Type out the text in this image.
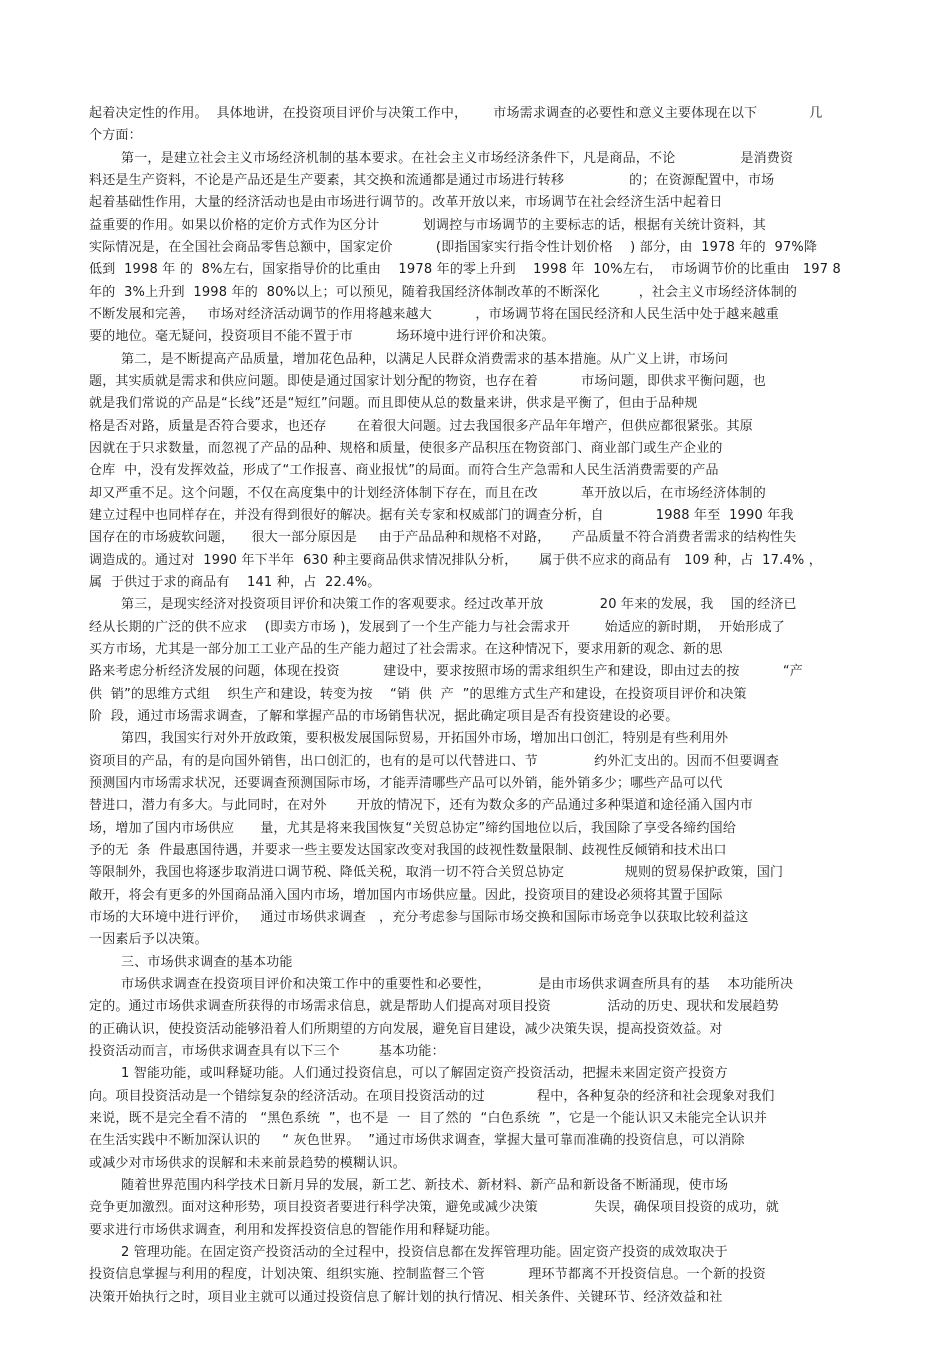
起着决定性的作用。  具体地讲，在投资项目评价与决策工作中，      市场需求调查的必要性和意义主要体现在以下            几
个方面：
第一，是建立社会主义市场经济机制的基本要求。在社会主义市场经济条件下，凡是商品，不论               是消费资
料还是生产资料，不论是产品还是生产要素，其交换和流通都是通过市场进行转移               的；在资源配置中，市场
起着基础性作用，大量的经济活动也是由市场进行调节的。改革开放以来，市场调节在社会经济生活中起着日
益重要的作用。如果以价格的定价方式作为区分计          划调控与市场调节的主要标志的话，根据有关统计资料，其
实际情况是，在全国社会商品零售总额中，国家定价          (即指国家实行指令性计划价格    ) 部分，由  1978 年的  97%降
低到  1998 年 的  8%左右，国家指导价的比重由    1978 年的零上升到    1998 年  10%左右，  市场调节价的比重由   197 8
年的  3%上升到  1998 年的  80%以上；可以预见，随着我国经济体制改革的不断深化         ，社会主义市场经济体制的
不断发展和完善，   市场对经济活动调节的作用将越来越大          ，市场调节将在国民经济和人民生活中处于越来越重
要的地位。毫无疑问，投资项目不能不置于市          场环境中进行评价和决策。
第二，是不断提高产品质量，增加花色品种，以满足人民群众消费需求的基本措施。从广义上讲，市场问
题，其实质就是需求和供应问题。即使是通过国家计划分配的物资，也存在着          市场问题，即供求平衡问题，也
就是我们常说的产品是“长线”还是“短红”问题。而且即使从总的数量来讲，供求是平衡了，但由于品种规
格是否对路，质量是否符合要求，也还存       在着很大问题。过去我国很多产品年年增产，但供应都很紧张。其原
因就在于只求数量，而忽视了产品的品种、规格和质量，使很多产品积压在物资部门、商业部门或生产企业的
仓库  中，没有发挥效益，形成了“工作报喜、商业报忧”的局面。而符合生产急需和人民生活消费需要的产品
却又严重不足。这个问题，不仅在高度集中的计划经济体制下存在，而且在改          革开放以后，在市场经济体制的
建立过程中也同样存在，并没有得到很好的解决。据有关专家和权威部门的调查分析，自            1988 年至  1990 年我
国存在的市场疲软问题，    很大一部分原因是     由于产品品种和规格不对路，     产品质量不符合消费者需求的结构性失
调造成的。通过对  1990 年下半年  630 种主要商品供求情况排队分析，     属于供不应求的商品有   109 种，占  17.4% ，
属  于供过于求的商品有    141 种，占  22.4%。
第三，是现实经济对投资项目评价和决策工作的客观要求。经过改革开放             20 年来的发展，我    国的经济已
经从长期的广泛的供不应求    (即卖方市场 )，发展到了一个生产能力与社会需求开        始适应的新时期，  开始形成了
买方市场，尤其是一部分加工工业产品的生产能力超过了社会需求。在这种情况下，要求用新的观念、新的思
路来考虑分析经济发展的问题，体现在投资          建设中，要求按照市场的需求组织生产和建设，即由过去的按          “产
供  销”的思维方式组    织生产和建设，转变为按    “销  供  产  ”的思维方式生产和建设，在投资项目评价和决策
阶  段，通过市场需求调查，了解和掌握产品的市场销售状况，据此确定项目是否有投资建设的必要。
第四，我国实行对外开放政策，要积极发展国际贸易，开拓国外市场，增加出口创汇，特别是有些利用外
资项目的产品，有的是向国外销售，出口创汇的，也有的是可以代替进口、节             约外汇支出的。因而不但要调查
预测国内市场需求状况，还要调查预测国际市场，才能弄清哪些产品可以外销，能外销多少；哪些产品可以代
替进口，潜力有多大。与此同时，在对外       开放的情况下，还有为数众多的产品通过多种渠道和途径涌入国内市
场，增加了国内市场供应      量，尤其是将来我国恢复“关贸总协定”缔约国地位以后，我国除了享受各缔约国给
予的无  条  件最惠国待遇，并要求一些主要发达国家改变对我国的歧视性数量限制、歧视性反倾销和技术出口
等限制外，我国也将逐步取消进口调节税、降低关税，取消一切不符合关贸总协定              规则的贸易保护政策，国门
敞开，将会有更多的外国商品涌入国内市场，增加国内市场供应量。因此，投资项目的建设必须将其置于国际
市场的大环境中进行评价，   通过市场供求调查   ，充分考虑参与国际市场交换和国际市场竞争以获取比较利益这
一因素后予以决策。
三、市场供求调查的基本功能
市场供求调查在投资项目评价和决策工作中的重要性和必要性，           是由市场供求调查所具有的基    本功能所决
定的。通过市场供求调查所获得的市场需求信息，就是帮助人们提高对项目投资             活动的历史、现状和发展趋势
的正确认识，使投资活动能够沿着人们所期望的方向发展，避免盲目建设，减少决策失误，提高投资效益。对
投资活动而言，市场供求调查具有以下三个         基本功能：
1 智能功能，或叫释疑功能。人们通过投资信息，可以了解固定资产投资活动，把握未来固定资产投资方
向。项目投资活动是一个错综复杂的经济活动。在项目投资活动的过            程中，各种复杂的经济和社会现象对我们
来说，既不是完全看不清的   “黑色系统  ”，也不是  一  目了然的  “白色系统  ”，它是一个能认识又未能完全认识并
在生活实践中不断加深认识的     “ 灰色世界。  ”通过市场供求调查，掌握大量可靠而准确的投资信息，可以消除
或减少对市场供求的误解和未来前景趋势的模糊认识。
随着世界范围内科学技术日新月异的发展，新工艺、新技术、新材料、新产品和新设备不断涌现，使市场
竞争更加激烈。面对这种形势，项目投资者要进行科学决策，避免或减少决策             失误，确保项目投资的成功，就
要求进行市场供求调查，利用和发挥投资信息的智能作用和释疑功能。
2 管理功能。在固定资产投资活动的全过程中，投资信息都在发挥管理功能。固定资产投资的成效取决于
投资信息掌握与利用的程度，计划决策、组织实施、控制监督三个管          理环节都离不开投资信息。一个新的投资
决策开始执行之时，项目业主就可以通过投资信息了解计划的执行情况、相关条件、关键环节、经济效益和社
